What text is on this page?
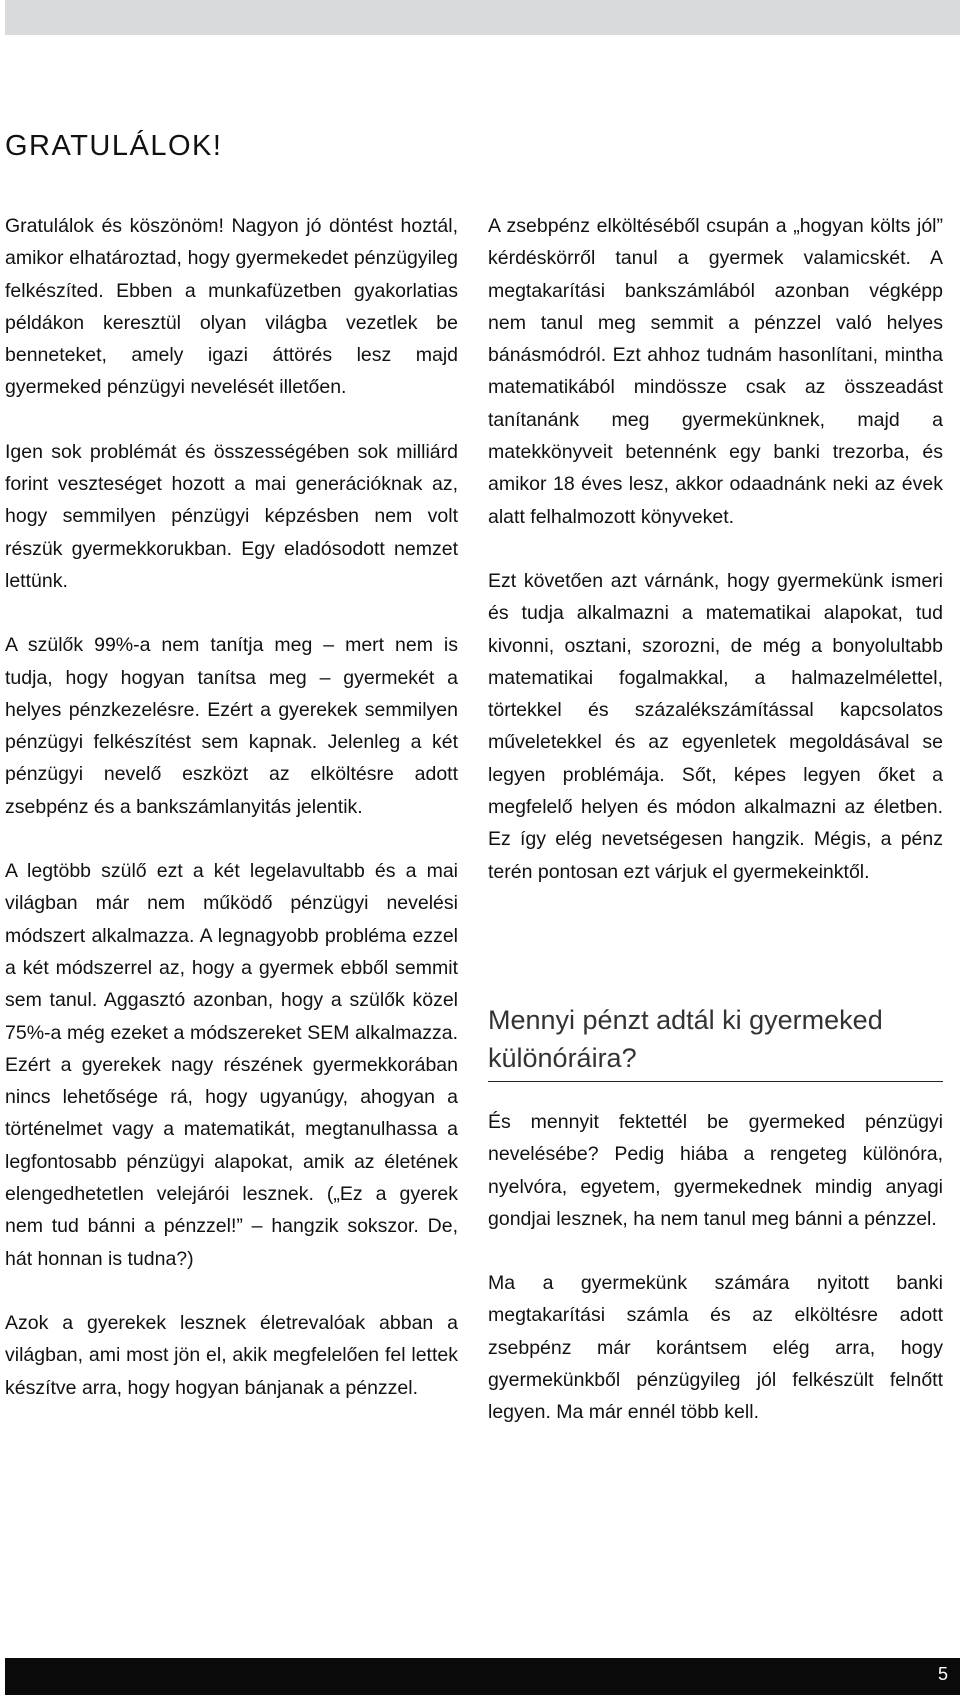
GRATULÁLOK!

Gratulálok és köszönöm! Nagyon jó döntést hoztál, amikor elhatároztad, hogy gyermekedet pénzügyileg felkészíted. Ebben a munkafüzetben gyakorlatias példákon keresztül olyan világba vezetlek be benneteket, amely igazi áttörés lesz majd gyermeked pénzügyi nevelését illetően.

Igen sok problémát és összességében sok milliárd forint veszteséget hozott a mai generációknak az, hogy semmilyen pénzügyi képzésben nem volt részük gyermekkorukban. Egy eladósodott nemzet lettünk.

A szülők 99%-a nem tanítja meg – mert nem is tudja, hogy hogyan tanítsa meg – gyermekét a helyes pénzkezelésre. Ezért a gyerekek semmilyen pénzügyi felkészítést sem kapnak. Jelenleg a két pénzügyi nevelő eszközt az elköltésre adott zsebpénz és a bankszámlanyitás jelentik.

A legtöbb szülő ezt a két legelavultabb és a mai világban már nem működő pénzügyi nevelési módszert alkalmazza. A legnagyobb probléma ezzel a két módszerrel az, hogy a gyermek ebből semmit sem tanul. Aggasztó azonban, hogy a szülők közel 75%-a még ezeket a módszereket SEM alkalmazza. Ezért a gyerekek nagy részének gyermekkorában nincs lehetősége rá, hogy ugyanúgy, ahogyan a történelmet vagy a matematikát, megtanulhassa a legfontosabb pénzügyi alapokat, amik az életének elengedhetetlen velejárói lesznek. („Ez a gyerek nem tud bánni a pénzzel!” – hangzik sokszor. De, hát honnan is tudna?)

Azok a gyerekek lesznek életrevalóak abban a világban, ami most jön el, akik megfelelően fel lettek készítve arra, hogy hogyan bánjanak a pénzzel.

A zsebpénz elköltéséből csupán a „hogyan költs jól” kérdéskörről tanul a gyermek valamicskét. A megtakarítási bankszámlából azonban végképp nem tanul meg semmit a pénzzel való helyes bánásmódról. Ezt ahhoz tudnám hasonlítani, mintha matematikából mindössze csak az összeadást tanítanánk meg gyermekünknek, majd a matekkönyveit betennénk egy banki trezorba, és amikor 18 éves lesz, akkor odaadnánk neki az évek alatt felhalmozott könyveket.

Ezt követően azt várnánk, hogy gyermekünk ismeri és tudja alkalmazni a matematikai alapokat, tud kivonni, osztani, szorozni, de még a bonyolultabb matematikai fogalmakkal, a halmazelmélettel, törtekkel és százalékszámítással kapcsolatos műveletekkel és az egyenletek megoldásával se legyen problémája. Sőt, képes legyen őket a megfelelő helyen és módon alkalmazni az életben. Ez így elég nevetségesen hangzik. Mégis, a pénz terén pontosan ezt várjuk el gyermekeinktől.

Mennyi pénzt adtál ki gyermeked különóráira?

És mennyit fektettél be gyermeked pénzügyi nevelésébe? Pedig hiába a rengeteg különóra, nyelvóra, egyetem, gyermekednek mindig anyagi gondjai lesznek, ha nem tanul meg bánni a pénzzel.

Ma a gyermekünk számára nyitott banki megtakarítási számla és az elköltésre adott zsebpénz már korántsem elég arra, hogy gyermekünkből pénzügyileg jól felkészült felnőtt legyen. Ma már ennél több kell.

5
